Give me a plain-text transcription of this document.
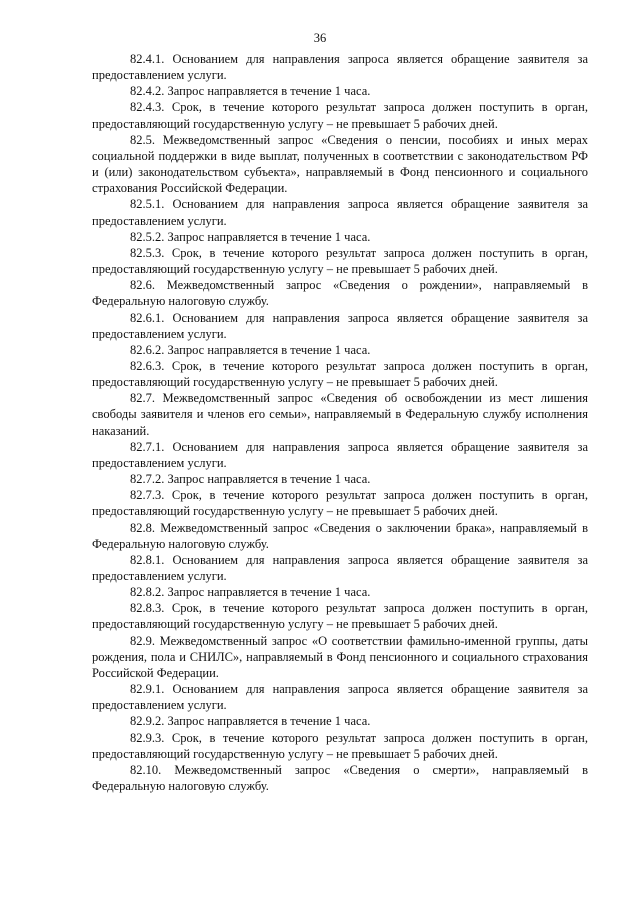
36

82.4.1. Основанием для направления запроса является обращение заявителя за предоставлением услуги.

82.4.2. Запрос направляется в течение 1 часа.

82.4.3. Срок, в течение которого результат запроса должен поступить в орган, предоставляющий государственную услугу – не превышает 5 рабочих дней.

82.5. Межведомственный запрос «Сведения о пенсии, пособиях и иных мерах социальной поддержки в виде выплат, полученных в соответствии с законодательством РФ и (или) законодательством субъекта», направляемый в Фонд пенсионного и социального страхования Российской Федерации.

82.5.1. Основанием для направления запроса является обращение заявителя за предоставлением услуги.

82.5.2. Запрос направляется в течение 1 часа.

82.5.3. Срок, в течение которого результат запроса должен поступить в орган, предоставляющий государственную услугу – не превышает 5 рабочих дней.

82.6. Межведомственный запрос «Сведения о рождении», направляемый в Федеральную налоговую службу.

82.6.1. Основанием для направления запроса является обращение заявителя за предоставлением услуги.

82.6.2. Запрос направляется в течение 1 часа.

82.6.3. Срок, в течение которого результат запроса должен поступить в орган, предоставляющий государственную услугу – не превышает 5 рабочих дней.

82.7. Межведомственный запрос «Сведения об освобождении из мест лишения свободы заявителя и членов его семьи», направляемый в Федеральную службу исполнения наказаний.

82.7.1. Основанием для направления запроса является обращение заявителя за предоставлением услуги.

82.7.2. Запрос направляется в течение 1 часа.

82.7.3. Срок, в течение которого результат запроса должен поступить в орган, предоставляющий государственную услугу – не превышает 5 рабочих дней.

82.8. Межведомственный запрос «Сведения о заключении брака», направляемый в Федеральную налоговую службу.

82.8.1. Основанием для направления запроса является обращение заявителя за предоставлением услуги.

82.8.2. Запрос направляется в течение 1 часа.

82.8.3. Срок, в течение которого результат запроса должен поступить в орган, предоставляющий государственную услугу – не превышает 5 рабочих дней.

82.9. Межведомственный запрос «О соответствии фамильно-именной группы, даты рождения, пола и СНИЛС», направляемый в Фонд пенсионного и социального страхования Российской Федерации.

82.9.1. Основанием для направления запроса является обращение заявителя за предоставлением услуги.

82.9.2. Запрос направляется в течение 1 часа.

82.9.3. Срок, в течение которого результат запроса должен поступить в орган, предоставляющий государственную услугу – не превышает 5 рабочих дней.

82.10. Межведомственный запрос «Сведения о смерти», направляемый в Федеральную налоговую службу.
